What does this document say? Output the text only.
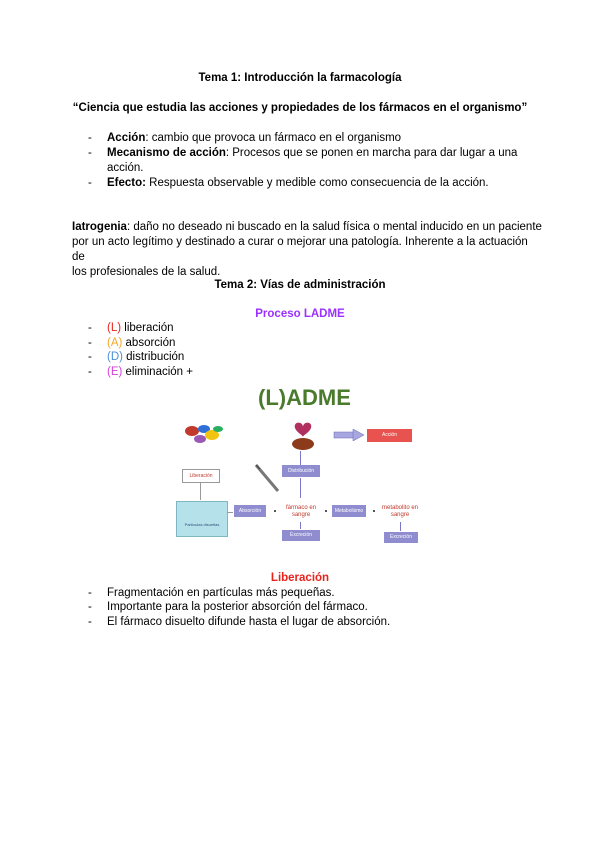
Tema 1: Introducción la farmacología
“Ciencia que estudia las acciones y propiedades de los fármacos en el organismo”
- Acción: cambio que provoca un fármaco en el organismo
- Mecanismo de acción: Procesos que se ponen en marcha para dar lugar a una
acción.
- Efecto: Respuesta observable y medible como consecuencia de la acción.
Iatrogenia: daño no deseado ni buscado en la salud física o mental inducido en un paciente
por un acto legítimo y destinado a curar o mejorar una patología. Inherente a la actuación de
los profesionales de la salud.
Tema 2: Vías de administración
Proceso LADME
- (L) liberación
- (A) absorción
- (D) distribución
- (E) eliminación +
(L)ADME
Acción
Liberación
Distribución
Partículas disueltas
Absorción	fármaco en sangre
Metabolismo	metabolito en sangre
Excreción	Excreción
Liberación
- Fragmentación en partículas más pequeñas.
- Importante para la posterior absorción del fármaco.
- El fármaco disuelto difunde hasta el lugar de absorción.
